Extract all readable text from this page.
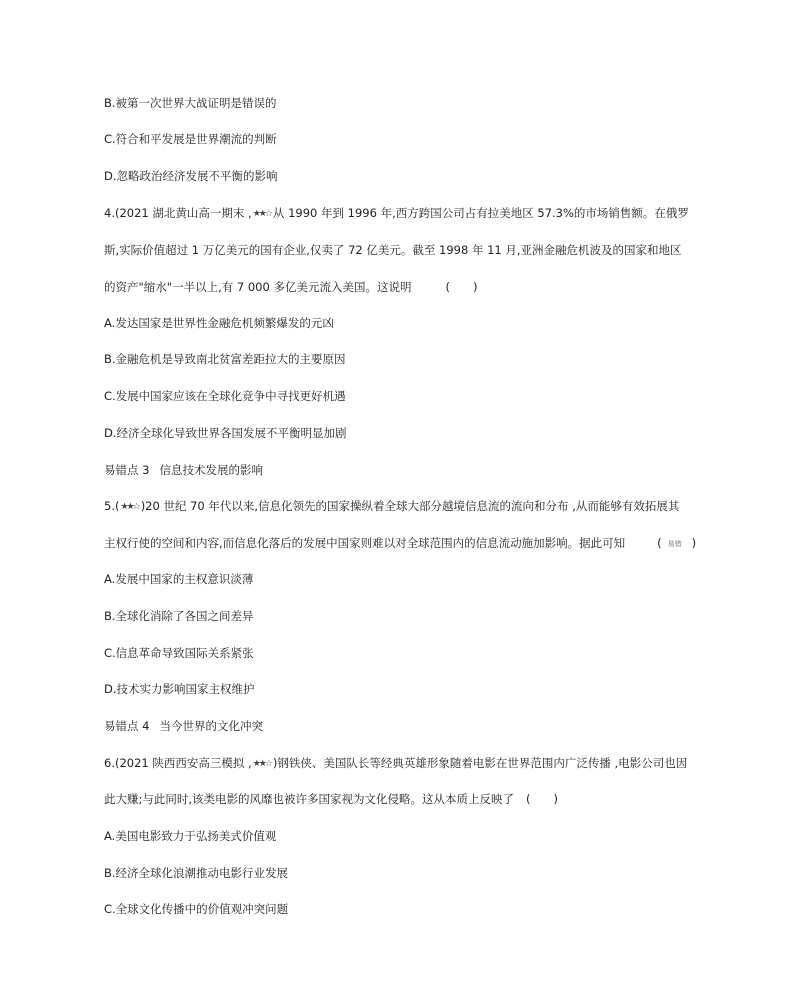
B.被第一次世界大战证明是错误的
C.符合和平发展是世界潮流的判断
D.忽略政治经济发展不平衡的影响
4.(2021 湖北黄山高一期末 ,★★☆ 从 1990 年到 1996 年,西方跨国公司占有拉美地区 57.3%的市场销售额。在俄罗
斯,实际价值超过 1 万亿美元的国有企业,仅卖了 72 亿美元。截至 1998 年 11 月,亚洲金融危机波及的国家和地区
的资产"缩水"一半以上,有 7 000 多亿美元流入美国。这说明	(　　)
A.发达国家是世界性金融危机频繁爆发的元凶
B.金融危机是导致南北贫富差距拉大的主要原因
C.发展中国家应该在全球化竞争中寻找更好机遇
D.经济全球化导致世界各国发展不平衡明显加剧
易错点 3 信息技术发展的影响
5.(★★☆ )20 世纪 70 年代以来,信息化领先的国家操纵着全球大部分越境信息流的流向和分布 ,从而能够有效拓展其
主权行使的空间和内容,而信息化落后的发展中国家则难以对全球范围内的信息流动施加影响。据此可知	( 易错 )
A.发展中国家的主权意识淡薄
B.全球化消除了各国之间差异
C.信息革命导致国际关系紧张
D.技术实力影响国家主权维护
易错点 4 当今世界的文化冲突
6.(2021 陕西西安高三模拟 ,★★☆ )钢铁侠、美国队长等经典英雄形象随着电影在世界范围内广泛传播 ,电影公司也因
此大赚;与此同时,该类电影的风靡也被许多国家视为文化侵略。这从本质上反映了 (　　)
A.美国电影致力于弘扬美式价值观
B.经济全球化浪潮推动电影行业发展
C.全球文化传播中的价值观冲突问题
